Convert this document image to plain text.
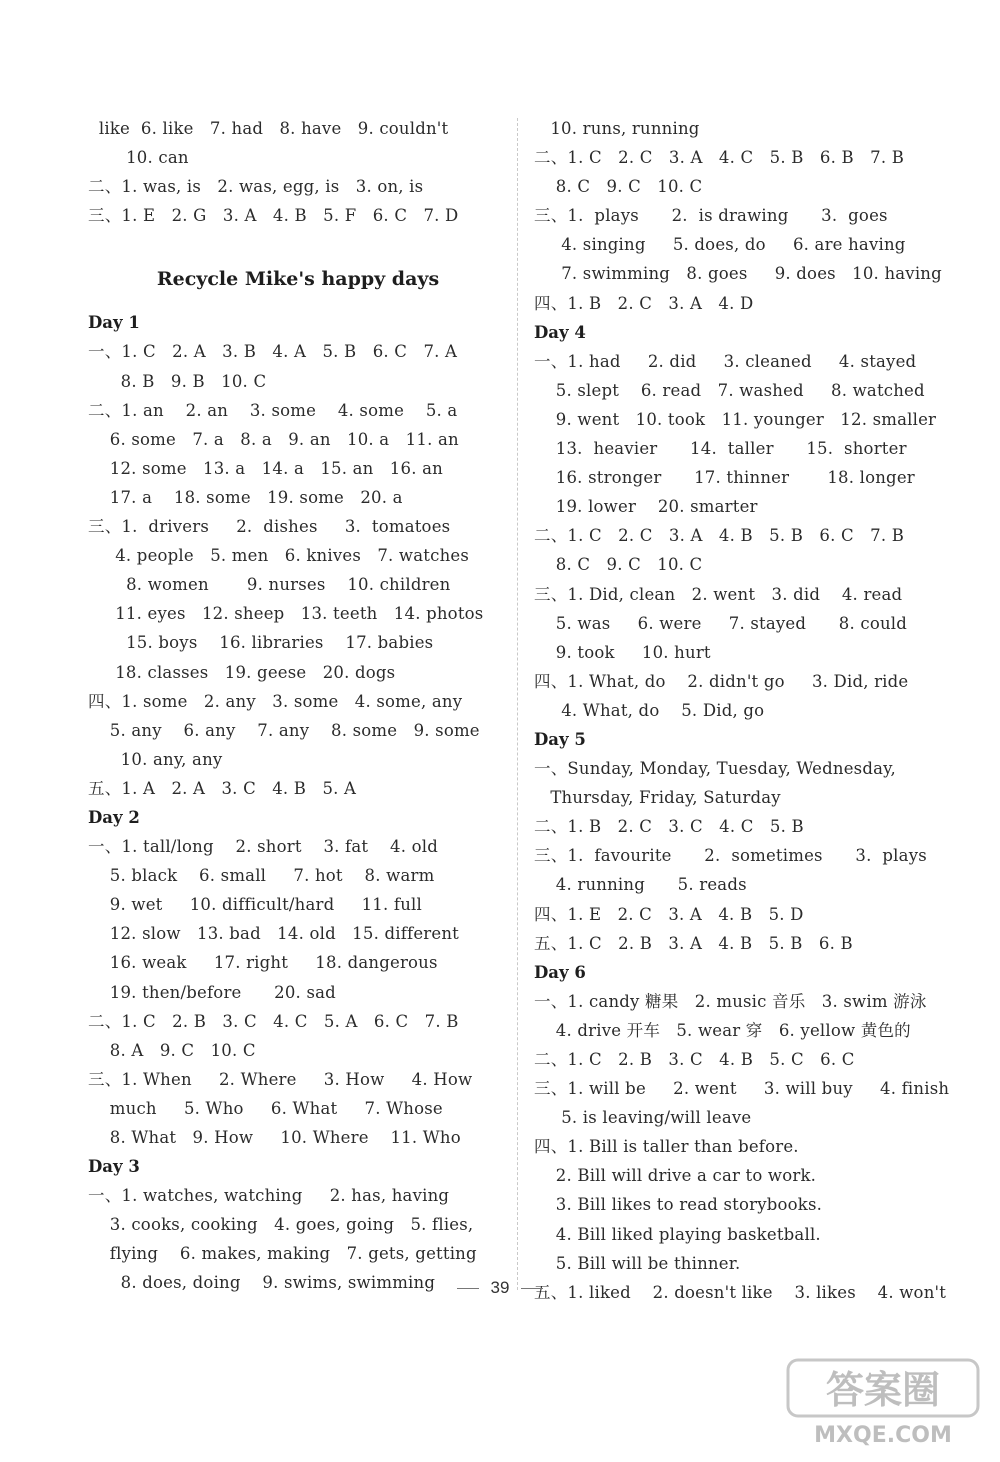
like  6. like   7. had   8. have   9. couldn't
10. can
二、1. was, is   2. was, egg, is   3. on, is
三、1. E   2. G   3. A   4. B   5. F   6. C   7. D
Recycle Mike's happy days
Day 1
一、1. C   2. A   3. B   4. A   5. B   6. C   7. A
8. B   9. B   10. C
二、1. an    2. an    3. some    4. some    5. a
6. some   7. a   8. a   9. an   10. a   11. an
12. some   13. a   14. a   15. an   16. an
17. a    18. some   19. some   20. a
三、1.  drivers     2.  dishes     3.  tomatoes
4. people   5. men   6. knives   7. watches
8. women       9. nurses    10. children
11. eyes   12. sheep   13. teeth   14. photos
15. boys    16. libraries    17. babies
18. classes   19. geese   20. dogs
四、1. some   2. any   3. some   4. some, any
5. any    6. any    7. any    8. some   9. some
10. any, any
五、1. A   2. A   3. C   4. B   5. A
Day 2
一、1. tall/long    2. short    3. fat    4. old
5. black    6. small     7. hot    8. warm
9. wet     10. difficult/hard     11. full
12. slow   13. bad   14. old   15. different
16. weak     17. right     18. dangerous
19. then/before      20. sad
二、1. C   2. B   3. C   4. C   5. A   6. C   7. B
8. A   9. C   10. C
三、1. When     2. Where     3. How     4. How
much     5. Who     6. What     7. Whose
8. What   9. How     10. Where    11. Who
Day 3
一、1. watches, watching     2. has, having
3. cooks, cooking   4. goes, going   5. flies,
flying    6. makes, making   7. gets, getting
8. does, doing    9. swims, swimming
10. runs, running
二、1. C   2. C   3. A   4. C   5. B   6. B   7. B
8. C   9. C   10. C
三、1.  plays      2.  is drawing      3.  goes
4. singing     5. does, do     6. are having
7. swimming   8. goes     9. does   10. having
四、1. B   2. C   3. A   4. D
Day 4
一、1. had     2. did     3. cleaned     4. stayed
5. slept    6. read   7. washed     8. watched
9. went   10. took   11. younger   12. smaller
13.  heavier      14.  taller      15.  shorter
16. stronger      17. thinner       18. longer
19. lower    20. smarter
二、1. C   2. C   3. A   4. B   5. B   6. C   7. B
8. C   9. C   10. C
三、1. Did, clean   2. went   3. did    4. read
5. was     6. were     7. stayed      8. could
9. took     10. hurt
四、1. What, do    2. didn't go     3. Did, ride
4. What, do    5. Did, go
Day 5
一、Sunday, Monday, Tuesday, Wednesday,
Thursday, Friday, Saturday
二、1. B   2. C   3. C   4. C   5. B
三、1.  favourite      2.  sometimes      3.  plays
4. running      5. reads
四、1. E   2. C   3. A   4. B   5. D
五、1. C   2. B   3. A   4. B   5. B   6. B
Day 6
一、1. candy 糖果   2. music 音乐   3. swim 游泳
4. drive 开车   5. wear 穿   6. yellow 黄色的
二、1. C   2. B   3. C   4. B   5. C   6. C
三、1. will be     2. went     3. will buy     4. finish
5. is leaving/will leave
四、1. Bill is taller than before.
2. Bill will drive a car to work.
3. Bill likes to read storybooks.
4. Bill liked playing basketball.
5. Bill will be thinner.
五、1. liked    2. doesn't like    3. likes    4. won't
39
答案圈
MXQE.COM
